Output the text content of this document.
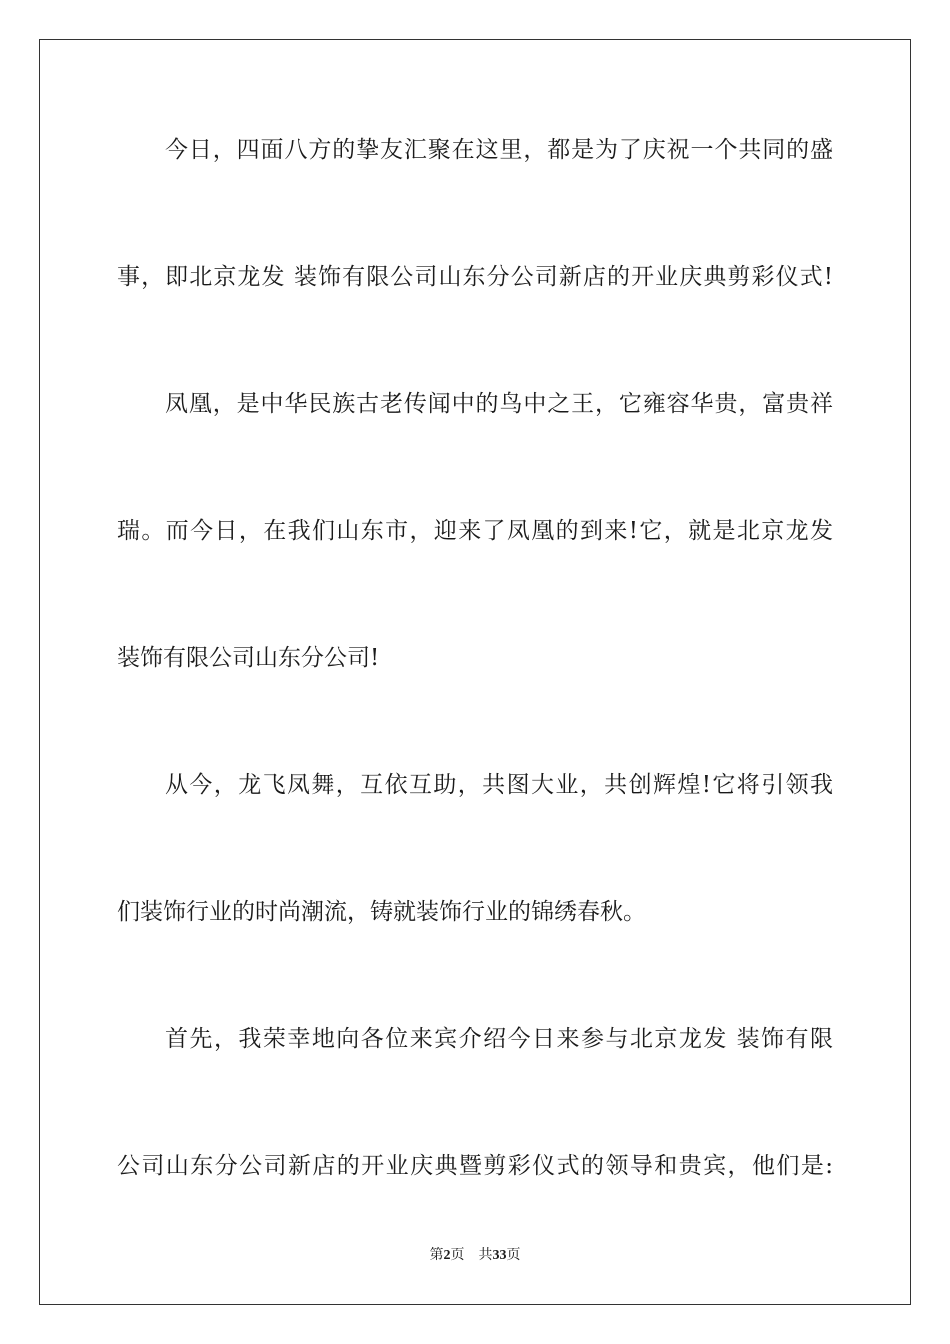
今日，四面八方的挚友汇聚在这里，都是为了庆祝一个共同的盛
事，即北京龙发 装饰有限公司山东分公司新店的开业庆典剪彩仪式!
凤凰，是中华民族古老传闻中的鸟中之王，它雍容华贵，富贵祥
瑞。而今日，在我们山东市，迎来了凤凰的到来!它，就是北京龙发
装饰有限公司山东分公司!
从今，龙飞凤舞，互依互助，共图大业，共创辉煌!它将引领我
们装饰行业的时尚潮流，铸就装饰行业的锦绣春秋。
首先，我荣幸地向各位来宾介绍今日来参与北京龙发 装饰有限
公司山东分公司新店的开业庆典暨剪彩仪式的领导和贵宾，他们是:
第2页 共33页
